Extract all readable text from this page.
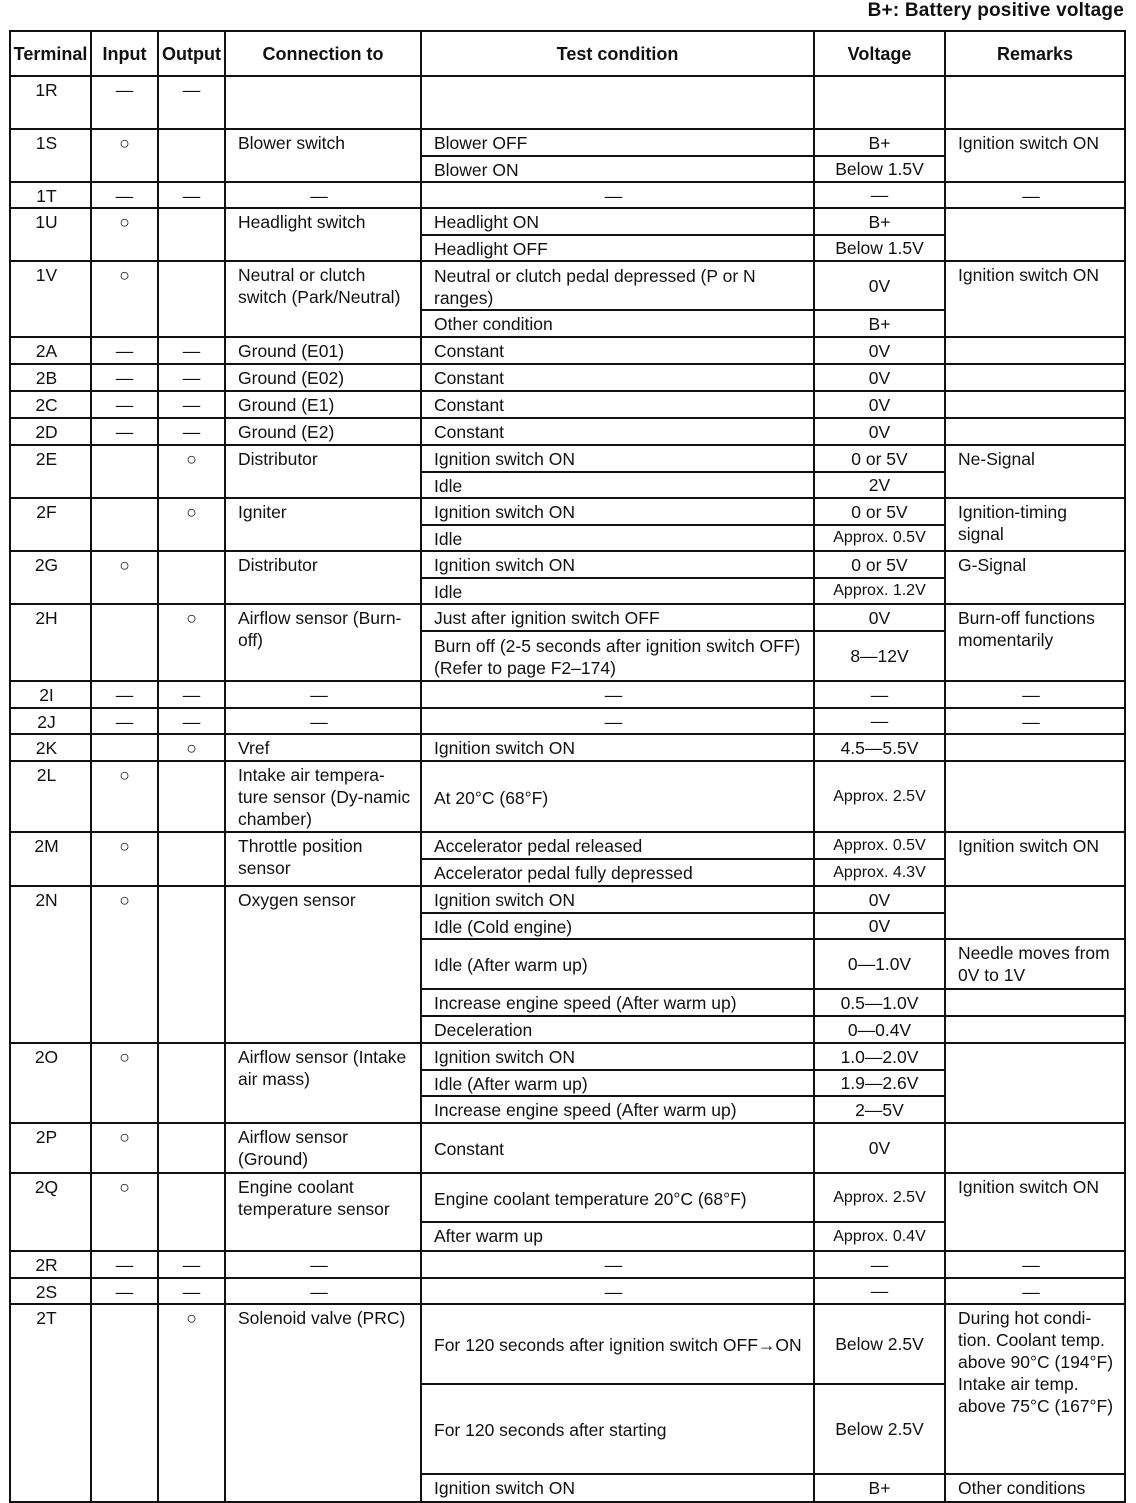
B+: Battery positive voltage
Terminal	Input	Output	Connection to	Test condition	Voltage	Remarks
1R	—	—				
1S	○		Blower switch	Blower OFF	B+	Ignition switch ON
				Blower ON	Below 1.5V	
1T	—	—	—	—	—	—
1U	○		Headlight switch	Headlight ON	B+	
				Headlight OFF	Below 1.5V	
1V	○		Neutral or clutch switch (Park/Neutral)	Neutral or clutch pedal depressed (P or N ranges)	0V	Ignition switch ON
				Other condition	B+	
2A	—	—	Ground (E01)	Constant	0V	
2B	—	—	Ground (E02)	Constant	0V	
2C	—	—	Ground (E1)	Constant	0V	
2D	—	—	Ground (E2)	Constant	0V	
2E		○	Distributor	Ignition switch ON	0 or 5V	Ne-Signal
				Idle	2V	
2F		○	Igniter	Ignition switch ON	0 or 5V	Ignition-timing signal
				Idle	Approx. 0.5V	
2G	○		Distributor	Ignition switch ON	0 or 5V	G-Signal
				Idle	Approx. 1.2V	
2H		○	Airflow sensor (Burn-off)	Just after ignition switch OFF	0V	Burn-off functions momentarily
				Burn off (2-5 seconds after ignition switch OFF) (Refer to page F2–174)	8—12V	
2I	—	—	—	—	—	—
2J	—	—	—	—	—	—
2K		○	Vref	Ignition switch ON	4.5—5.5V	
2L	○		Intake air tempera-ture sensor (Dy-namic chamber)	At 20°C (68°F)	Approx. 2.5V	
2M	○		Throttle position sensor	Accelerator pedal released	Approx. 0.5V	Ignition switch ON
				Accelerator pedal fully depressed	Approx. 4.3V	
2N	○		Oxygen sensor	Ignition switch ON	0V	
				Idle (Cold engine)	0V	
				Idle (After warm up)	0—1.0V	Needle moves from 0V to 1V
				Increase engine speed (After warm up)	0.5—1.0V	
				Deceleration	0—0.4V	
2O	○		Airflow sensor (Intake air mass)	Ignition switch ON	1.0—2.0V	
				Idle (After warm up)	1.9—2.6V	
				Increase engine speed (After warm up)	2—5V	
2P	○		Airflow sensor (Ground)	Constant	0V	
2Q	○		Engine coolant temperature sensor	Engine coolant temperature 20°C (68°F)	Approx. 2.5V	Ignition switch ON
				After warm up	Approx. 0.4V	
2R	—	—	—	—	—	—
2S	—	—	—	—	—	—
2T		○	Solenoid valve (PRC)	For 120 seconds after ignition switch OFF→ON	Below 2.5V	During hot condi-tion. Coolant temp. above 90°C (194°F) Intake air temp. above 75°C (167°F)
				For 120 seconds after starting	Below 2.5V	
				Ignition switch ON	B+	Other conditions
